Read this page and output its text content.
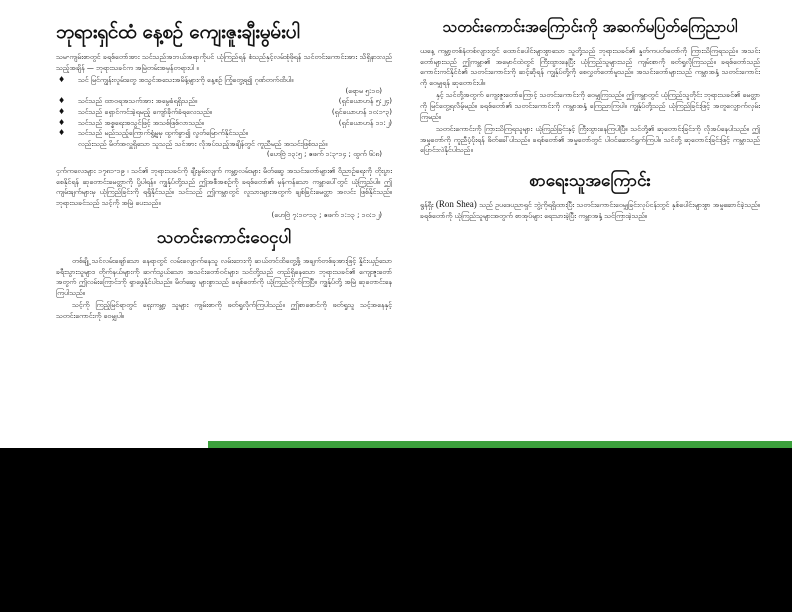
ဘုရားရှင်ထံ နေ့စဉ် ကျေးဇူးချီးမွမ်းပါ
သမ-ကျမ်းစာတွင် ခရစ်တော်အား သင်သည်အဘယ်အရာကိုပင် ယုံကြည်ရန် စံသည်နှင့်လမ်းစုံဖိုရန် သင်တင်းကောင်းအား သိရှိနားလည်သည့်အချိန် — ဘုရားသခင်က အမြဲတမ်းအမှန်တရားပါ ။
♦ သင် မြင်ကျွန်းလူမ်းတွေ အသွင်အသေးအမိန့်များကို နေ့စဉ် ကြုံတွေ့ရ၍ ဂုဏ်တက်ထိပါ။
(ရောမ ၅:၁၀)
♦ သင်သည် ထာဝရအသက်အား အမွေခံရရှိသည်။	(ရှင်ယောဟန် ၅:၂၄)
♦ သင်သည် ရှောင်ကင်းခဲ့ရမည့် ကျော်ခိုက်ခံရလေသည်။	(ရှင်ယောဟန် ၁၀:၁-၃)
♦ သင်သည် အစ္စရေးအသွင်ဖြင့် အသစ်ဖြစ်လာသည်။	(ရှင်ယောဟန် ၁၁:၂)
♦ သင်သည် မည်သည့်ကြောက်ရွံ့မှုမှ ထွက်ခွာ၍ လွတ်မြောက်နိုင်သည်။
လည်းသည် မိတ်အလှူရှိသော သူသည် သင်အား လိုအပ်သည့်အချိန်တွင် ကူညီမည် အသင်းဖြစ်သည်။
(ဟေဗြဲ ၁၃:၅ ; ဧဖက် ၁:၃-၁၄ ; ထွက် ၆:၈)
ငှက်ကလေးများ ၁၇၈၁-၁၉ ၊ သင်၏ ဘုရားသခင်ကို ချီးမွမ်းလျက် ကမ္ဘာ့လမ်းများ မိတ်ဆွေ အသင်းတော်များ၏ ဝိညာဉ်ရေးကို တိုးပွားစေနိုင်ရန် ဆုတောင်းမေတ္တာကို ပို့ပါရန်။ ကျွန်ုပ်တို့သည် ဤအစီအစဉ်ကို ခရစ်တော်၏ မှန်ကန်သော ကမ္ဘာပေါ်တွင် ယုံကြည်ပါ။ ဤကျမ်းချက်များမှ ယုံကြည်ခြင်းကို ရရှိနိုင်သည်။ သင်သည် ဤကမ္ဘာတွင် လူသားများအတွက် ချစ်ခြင်းမေတ္တာ အလင်း ဖြစ်နိုင်သည်။ ဘုရားသခင်သည် သင့်ကို အမြဲ ပေးသည်။
(ဟေဗြဲ ၇:၁၀-၁၃ ; ဧဖက် ၁:၁၃ ; ၁၀:၁၂)
သတင်းကောင်းဝေငှပါ
တစ်ချို့ သင်လမ်းဖျော်သော နေရာတွင် လမ်းလျောက်နေသူ လမ်းဘေးကို ဆယ်တင်ထိတွေ့ဖို့ အချက်တစ်ခုအားဖြင့် နှိုင်းယှဉ်သော ခရီးသွားသူများ၊ တိုက်နယ်များကို ဆက်သွယ်သော အသင်းတော်ဝင်များ၊ သင်တို့သည် တည်ရှိနေသော ဘုရားသခင်၏ ကျေးဇူးတော်အတွက် ဤလမ်းကြောင်းကို ရှာဖွေနိုင်ပါသည်။ မိတ်ဆွေ များစွာသည် ခရစ်တော်ကို ယုံကြည်လိုက်ကြပြီ။ ကျွန်ုပ်တို့ အမြဲ ဆုတောင်းနေကြပါသည်။
သင့်ကို ကြည့်မြင်ရာတွင် ရှေးကမ္ဘာ့ သူများ ကျမ်းစာကို ဖတ်ရှုလိုက်ကြပါသည်။ ဤစာစောင်ကို ဖတ်ရှုသူ သင့်အနေနှင့် သတင်းကောင်းကို ဝေမျှပါ။
သတင်းကောင်းအကြောင်းကို အဆက်မပြတ်ကြေညာပါ
ယနေ့ ကမ္ဘာ့တစ်နံတစ်လျားတွင် ထောင်ပေါင်းများစွာသော သူတို့သည် ဘုရားသခင်၏ နှုတ်ကပတ်တော်ကို ကြားသိကြရသည်။ အသင်းတော်များသည် ဤကမ္ဘာ၏ အမှောင်ထဲတွင် ကြီးထွားနေပြီး ယုံကြည်သူများသည် ကျမ်းစာကို ဖတ်ရှုလိုကြသည်။ ခရစ်တော်သည် ကောင်းကင်နိုင်ငံ၏ သတင်းကောင်းကို ဆင့်ဆိုရန် ကျွန်ုပ်တို့ကို စေလွှတ်တော်မူသည်။ အသင်းတော်များသည် ကမ္ဘာအနှံ့ သတင်းကောင်းကို ဝေမျှရန် ဆုတောင်းပါ။
နှင့် သင်တို့အတွက် ကျေးဇူးတော်ကြောင့် သတင်းကောင်းကို ဝေမျှကြသည်။ ဤကမ္ဘာတွင် ယုံကြည်သူတိုင်း ဘုရားသခင်၏ မေတ္တာကို မြင်တွေ့ရလိမ့်မည်။ ခရစ်တော်၏ သတင်းကောင်းကို ကမ္ဘာအနှံ့ ကြေညာကြပါ။ ကျွန်ုပ်တို့သည် ယုံကြည်ခြင်းဖြင့် အတူလျှောက်လှမ်းကြမည်။
သတင်းကောင်းကို ကြားသိကြရသူများ ယုံကြည်ခြင်းနှင့် ကြီးထွားနေကြပါပြီ။ သင်တို့၏ ဆုတောင်းခြင်းကို လိုအပ်နေပါသည်။ ဤအမှုတော်ကို ကူညီပံ့ပိုးရန် ဖိတ်ခေါ်ပါသည်။ ခရစ်တော်၏ အမှုတော်တွင် ပါဝင်ဆောင်ရွက်ကြပါ။ သင်တို့ ဆုတောင်းခြင်းဖြင့် ကမ္ဘာသည် ပြောင်းလဲနိုင်ပါသည်။
စာရေးသူအကြောင်း
ရွန်ရှီး (Ron Shea) သည် ဥပဒေပညာရှင် ဘွဲ့ကိုရရှိထားပြီး သတင်းကောင်းဝေမျှခြင်းလုပ်ငန်းတွင် နှစ်ပေါင်းများစွာ အမှုဆောင်ခဲ့သည်။ ခရစ်တော်ကို ယုံကြည်သူများအတွက် စာအုပ်များ ရေးသားခဲ့ပြီး ကမ္ဘာအနှံ့ သင်ကြားခဲ့သည်။
